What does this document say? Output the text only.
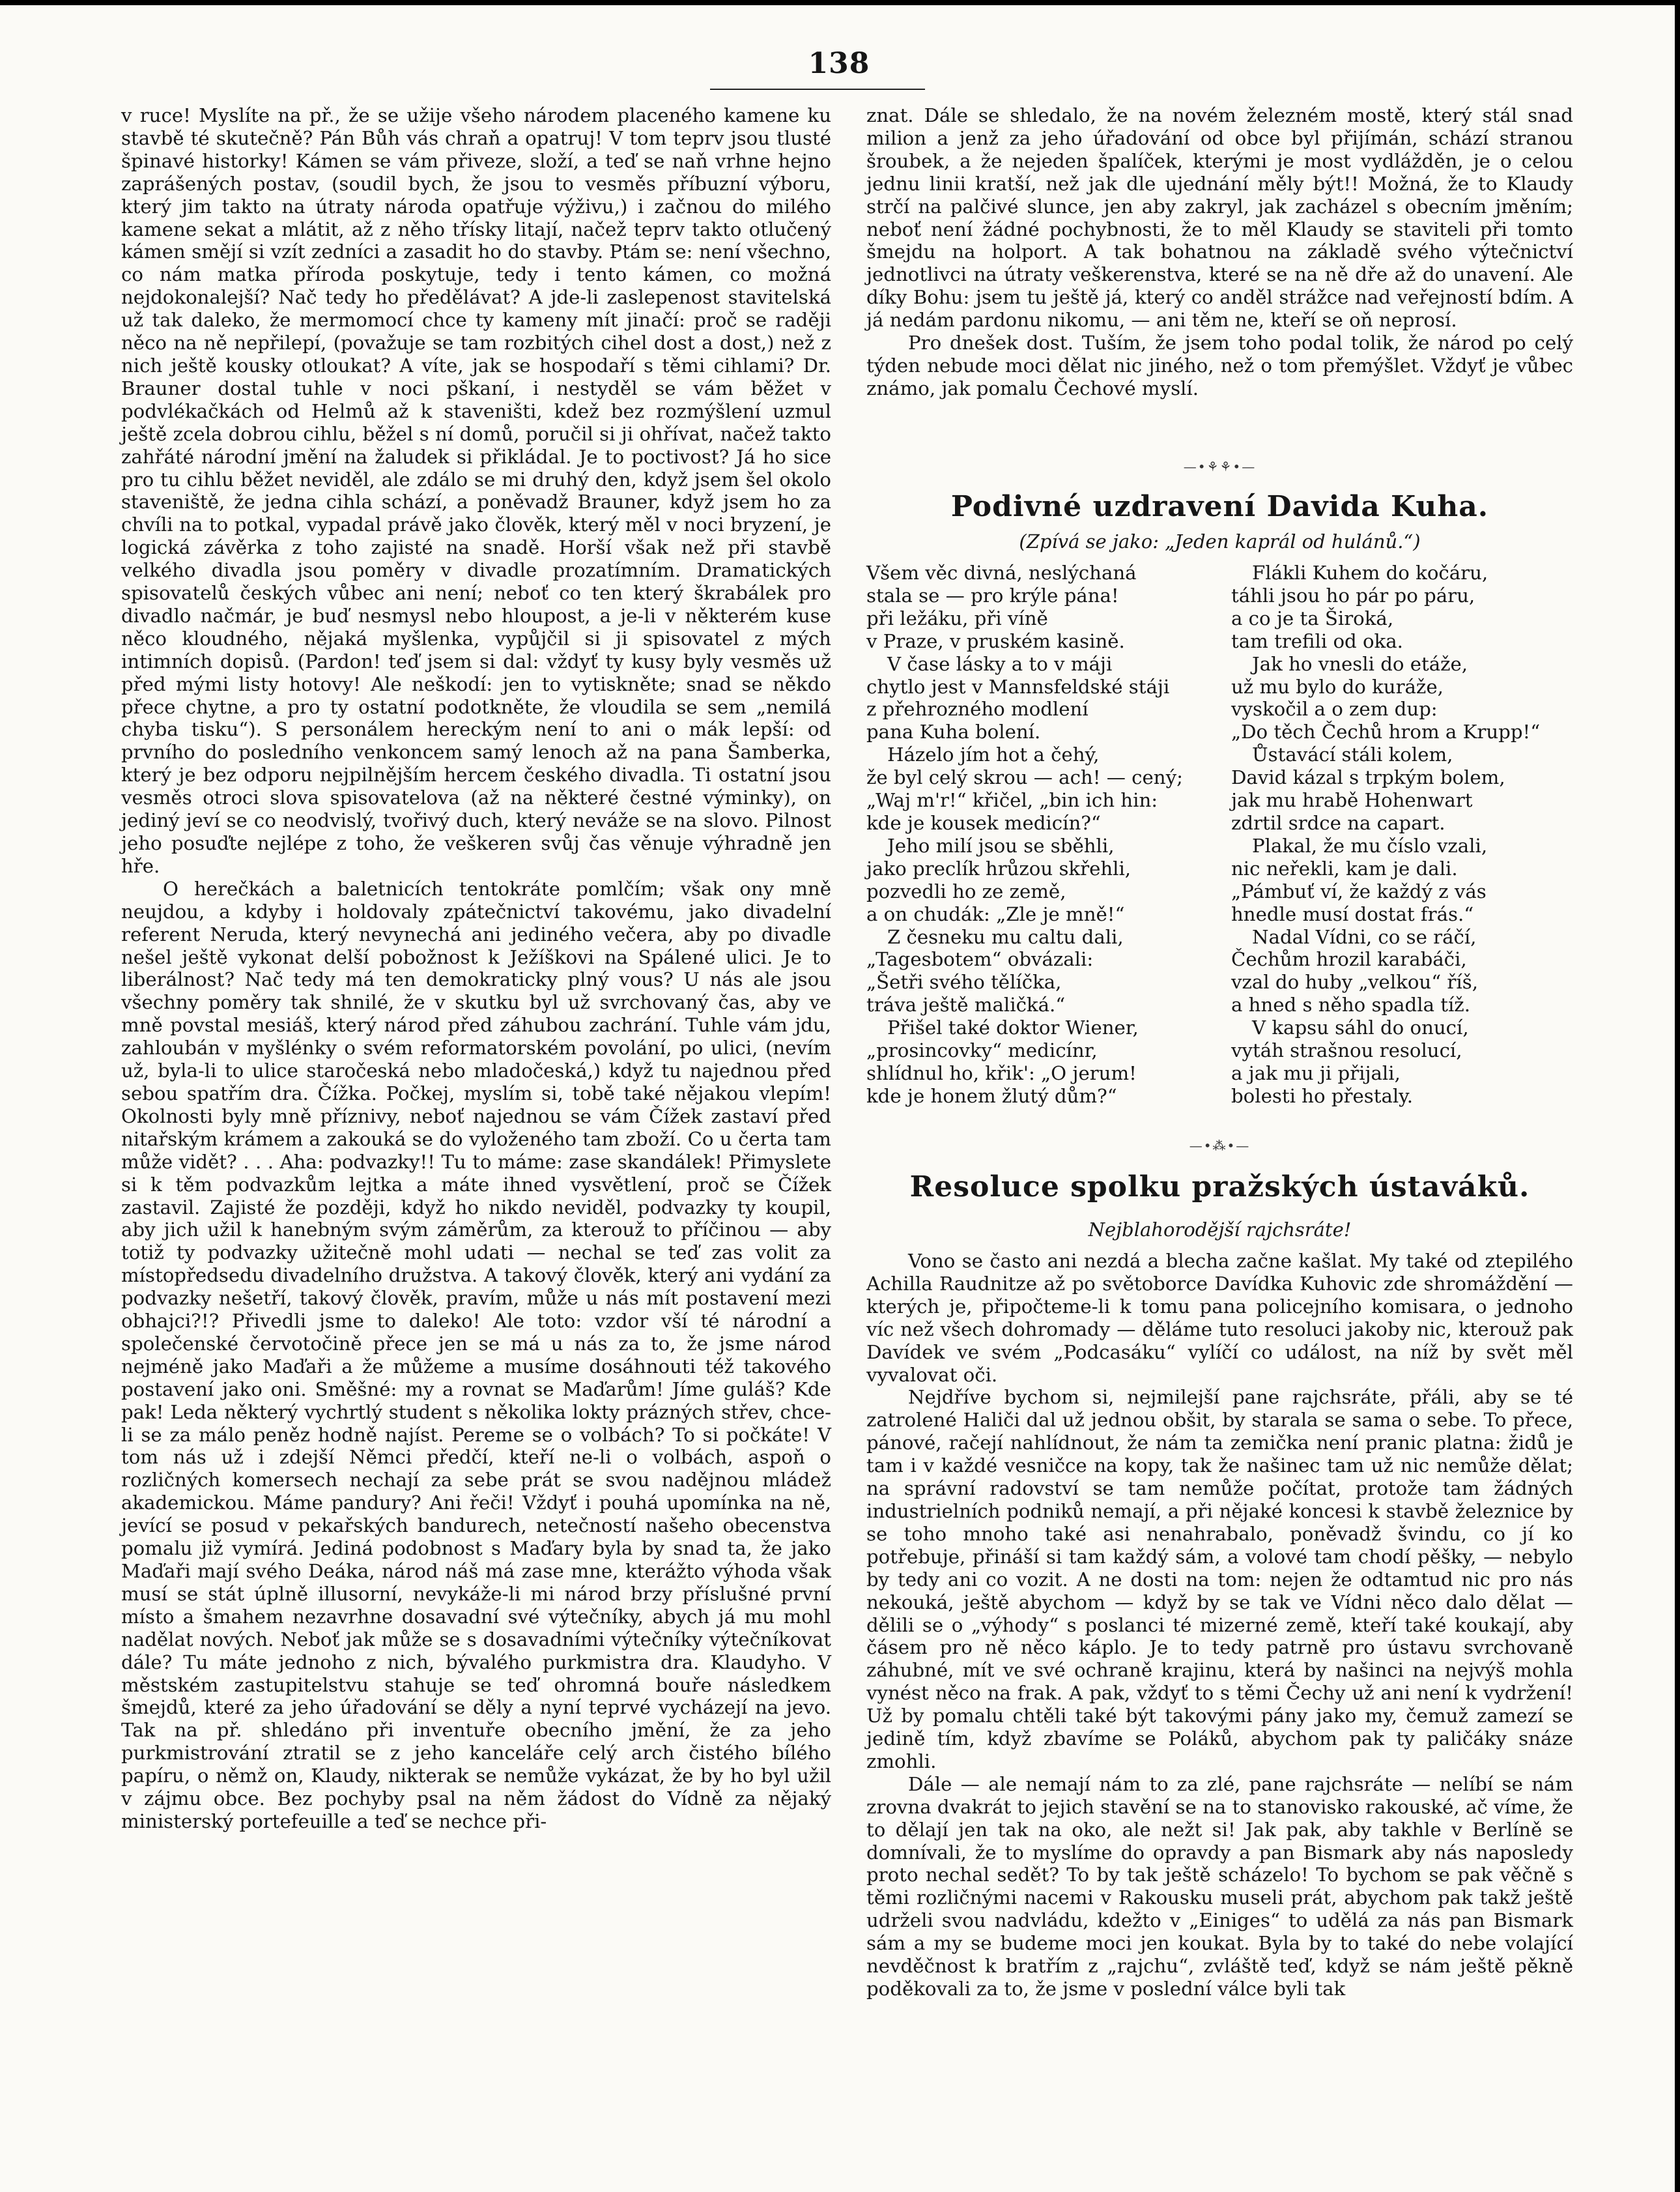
138

v ruce! Myslíte na př., že se užije všeho národem placeného kamene ku stavbě té skutečně? Pán Bůh vás chraň a opatruj! V tom teprv jsou tlusté špinavé historky! Kámen se vám přiveze, složí, a teď se naň vrhne hejno zaprášených postav, (soudil bych, že jsou to vesměs příbuzní výboru, který jim takto na útraty národa opatřuje výživu,) i začnou do milého kamene sekat a mlátit, až z něho třísky litají, načež teprv takto otlučený kámen smějí si vzít zedníci a zasadit ho do stavby. Ptám se: není všechno, co nám matka příroda poskytuje, tedy i tento kámen, co možná nejdokonalejší? Nač tedy ho předělávat? A jde-li zaslepenost stavitelská už tak daleko, že mermomocí chce ty kameny mít jinačí: proč se raději něco na ně nepřilepí, (považuje se tam rozbitých cihel dost a dost,) než z nich ještě kousky otloukat? A víte, jak se hospodaří s těmi cihlami? Dr. Brauner dostal tuhle v noci pškaní, i nestyděl se vám běžet v podvlékačkách od Helmů až k staveništi, kdež bez rozmýšlení uzmul ještě zcela dobrou cihlu, běžel s ní domů, poručil si ji ohřívat, načež takto zahřáté národní jmění na žaludek si přikládal. Je to poctivost? Já ho sice pro tu cihlu běžet neviděl, ale zdálo se mi druhý den, když jsem šel okolo staveniště, že jedna cihla schází, a poněvadž Brauner, když jsem ho za chvíli na to potkal, vypadal právě jako člověk, který měl v noci bryzení, je logická závěrka z toho zajisté na snadě. Horší však než při stavbě velkého divadla jsou poměry v divadle prozatímním. Dramatických spisovatelů českých vůbec ani není; neboť co ten který škrabálek pro divadlo načmár, je buď nesmysl nebo hloupost, a je-li v některém kuse něco kloudného, nějaká myšlenka, vypůjčil si ji spisovatel z mých intimních dopisů. (Pardon! teď jsem si dal: vždyť ty kusy byly vesměs už před mými listy hotovy! Ale neškodí: jen to vytiskněte; snad se někdo přece chytne, a pro ty ostatní podotkněte, že vloudila se sem „nemilá chyba tisku“). S personálem hereckým není to ani o mák lepší: od prvního do posledního venkoncem samý lenoch až na pana Šamberka, který je bez odporu nejpilnějším hercem českého divadla. Ti ostatní jsou vesměs otroci slova spisovatelova (až na některé čestné výminky), on jediný jeví se co neodvislý, tvořivý duch, který neváže se na slovo. Pilnost jeho posuďte nejlépe z toho, že veškeren svůj čas věnuje výhradně jen hře.

O herečkách a baletnicích tentokráte pomlčím; však ony mně neujdou, a kdyby i holdovaly zpátečnictví takovému, jako divadelní referent Neruda, který nevynechá ani jediného večera, aby po divadle nešel ještě vykonat delší pobožnost k Ježíškovi na Spálené ulici. Je to liberálnost? Nač tedy má ten demokraticky plný vous? U nás ale jsou všechny poměry tak shnilé, že v skutku byl už svrchovaný čas, aby ve mně povstal mesiáš, který národ před záhubou zachrání. Tuhle vám jdu, zahloubán v myšlénky o svém reformatorském povolání, po ulici, (nevím už, byla-li to ulice staročeská nebo mladočeská,) když tu najednou před sebou spatřím dra. Čížka. Počkej, myslím si, tobě také nějakou vlepím! Okolnosti byly mně příznivy, neboť najednou se vám Čížek zastaví před nitařským krámem a zakouká se do vyloženého tam zboží. Co u čerta tam může vidět? . . . Aha: podvazky!! Tu to máme: zase skandálek! Přimyslete si k těm podvazkům lejtka a máte ihned vysvětlení, proč se Čížek zastavil. Zajisté že později, když ho nikdo neviděl, podvazky ty koupil, aby jich užil k hanebným svým záměrům, za kterouž to příčinou — aby totiž ty podvazky užitečně mohl udati — nechal se teď zas volit za místopředsedu divadelního družstva. A takový člověk, který ani vydání za podvazky nešetří, takový člověk, pravím, může u nás mít postavení mezi obhajci?!? Přivedli jsme to daleko! Ale toto: vzdor vší té národní a společenské červotočině přece jen se má u nás za to, že jsme národ nejméně jako Maďaři a že můžeme a musíme dosáhnouti též takového postavení jako oni. Směšné: my a rovnat se Maďarům! Jíme guláš? Kde pak! Leda některý vychrtlý student s několika lokty prázných střev, chce-li se za málo peněz hodně najíst. Pereme se o volbách? To si počkáte! V tom nás už i zdejší Němci předčí, kteří ne-li o volbách, aspoň o rozličných komersech nechají za sebe prát se svou nadějnou mládež akademickou. Máme pandury? Ani řeči! Vždyť i pouhá upomínka na ně, jevící se posud v pekařských bandurech, netečností našeho obecenstva pomalu již vymírá. Jediná podobnost s Maďary byla by snad ta, že jako Maďaři mají svého Deáka, národ náš má zase mne, kterážto výhoda však musí se stát úplně illusorní, nevykáže-li mi národ brzy příslušné první místo a šmahem nezavrhne dosavadní své výtečníky, abych já mu mohl nadělat nových. Neboť jak může se s dosavadními výtečníky výtečníkovat dále? Tu máte jednoho z nich, bývalého purkmistra dra. Klaudyho. V městském zastupitelstvu stahuje se teď ohromná bouře následkem šmejdů, které za jeho úřadování se děly a nyní teprvé vycházejí na jevo. Tak na př. shledáno při inventuře obecního jmění, že za jeho purkmistrování ztratil se z jeho kanceláře celý arch čistého bílého papíru, o němž on, Klaudy, nikterak se nemůže vykázat, že by ho byl užil v zájmu obce. Bez pochyby psal na něm žádost do Vídně za nějaký ministerský portefeuille a teď se nechce při-

znat. Dále se shledalo, že na novém železném mostě, který stál snad milion a jenž za jeho úřadování od obce byl přijímán, schází stranou šroubek, a že nejeden špalíček, kterými je most vydlážděn, je o celou jednu linii kratší, než jak dle ujednání měly být!! Možná, že to Klaudy strčí na palčivé slunce, jen aby zakryl, jak zacházel s obecním jměním; neboť není žádné pochybnosti, že to měl Klaudy se staviteli při tomto šmejdu na holport. A tak bohatnou na základě svého výtečnictví jednotlivci na útraty veškerenstva, které se na ně dře až do unavení. Ale díky Bohu: jsem tu ještě já, který co anděl strážce nad veřejností bdím. A já nedám pardonu nikomu, — ani těm ne, kteří se oň neprosí.

Pro dnešek dost. Tuším, že jsem toho podal tolik, že národ po celý týden nebude moci dělat nic jiného, než o tom přemýšlet. Vždyť je vůbec známo, jak pomalu Čechové myslí.

—•⚘⚘•—
Podivné uzdravení Davida Kuha.
(Zpívá se jako: „Jeden kaprál od hulánů.“)
Všem věc divná, neslýchaná
stala se — pro krýle pána!
při ležáku, při víně
v Praze, v pruském kasině.
V čase lásky a to v máji
chytlo jest v Mannsfeldské stáji
z přehrozného modlení
pana Kuha bolení.
Házelo jím hot a čehý,
že byl celý skrou — ach! — cený;
„Waj m'r!“ křičel, „bin ich hin:
kde je kousek medicín?“
Jeho milí jsou se sběhli,
jako preclík hrůzou skřehli,
pozvedli ho ze země,
a on chudák: „Zle je mně!“
Z česneku mu caltu dali,
„Tagesbotem“ obvázali:
„Šetři svého tělíčka,
tráva ještě maličká.“
Přišel také doktor Wiener,
„prosincovky“ medicínr,
shlídnul ho, křik': „O jerum!
kde je honem žlutý dům?“
Flákli Kuhem do kočáru,
táhli jsou ho pár po páru,
a co je ta Široká,
tam trefili od oka.
Jak ho vnesli do etáže,
už mu bylo do kuráže,
vyskočil a o zem dup:
„Do těch Čechů hrom a Krupp!“
Ůstavácí stáli kolem,
David kázal s trpkým bolem,
jak mu hrabě Hohenwart
zdrtil srdce na capart.
Plakal, že mu číslo vzali,
nic neřekli, kam je dali.
„Pámbuť ví, že každý z vás
hnedle musí dostat frás.“
Nadal Vídni, co se ráčí,
Čechům hrozil karabáči,
vzal do huby „velkou“ říš,
a hned s něho spadla tíž.
V kapsu sáhl do onucí,
vytáh strašnou resolucí,
a jak mu ji přijali,
bolesti ho přestaly.
—•⁂•—
Resoluce spolku pražských ústaváků.
Nejblahorodější rajchsráte!

Vono se často ani nezdá a blecha začne kašlat. My také od ztepilého Achilla Raudnitze až po světoborce Davídka Kuhovic zde shromáždění — kterých je, připočteme-li k tomu pana policejního komisara, o jednoho víc než všech dohromady — děláme tuto resoluci jakoby nic, kterouž pak Davídek ve svém „Podcasáku“ vylíčí co událost, na níž by svět měl vyvalovat oči.

Nejdříve bychom si, nejmilejší pane rajchsráte, přáli, aby se té zatrolené Haliči dal už jednou obšit, by starala se sama o sebe. To přece, pánové, račejí nahlídnout, že nám ta zemička není pranic platna: židů je tam i v každé vesničce na kopy, tak že našinec tam už nic nemůže dělat; na správní radovství se tam nemůže počítat, protože tam žádných industrielních podniků nemají, a při nějaké koncesi k stavbě železnice by se toho mnoho také asi nenahrabalo, poněvadž švindu, co jí ko potřebuje, přináší si tam každý sám, a volové tam chodí pěšky, — nebylo by tedy ani co vozit. A ne dosti na tom: nejen že odtamtud nic pro nás nekouká, ještě abychom — když by se tak ve Vídni něco dalo dělat — dělili se o „výhody“ s poslanci té mizerné země, kteří také koukají, aby čásem pro ně něco káplo. Je to tedy patrně pro ústavu svrchovaně záhubné, mít ve své ochraně krajinu, která by našinci na nejvýš mohla vynést něco na frak. A pak, vždyť to s těmi Čechy už ani není k vydržení! Už by pomalu chtěli také být takovými pány jako my, čemuž zamezí se jedině tím, když zbavíme se Poláků, abychom pak ty paličáky snáze zmohli.

Dále — ale nemají nám to za zlé, pane rajchsráte — nelíbí se nám zrovna dvakrát to jejich stavění se na to stanovisko rakouské, ač víme, že to dělají jen tak na oko, ale nežt si! Jak pak, aby takhle v Berlíně se domnívali, že to myslíme do opravdy a pan Bismark aby nás naposledy proto nechal sedět? To by tak ještě scházelo! To bychom se pak věčně s těmi rozličnými nacemi v Rakousku museli prát, abychom pak takž ještě udrželi svou nadvládu, kdežto v „Einiges“ to udělá za nás pan Bismark sám a my se budeme moci jen koukat. Byla by to také do nebe volající nevděčnost k bratřím z „rajchu“, zvláště teď, když se nám ještě pěkně poděkovali za to, že jsme v poslední válce byli tak
